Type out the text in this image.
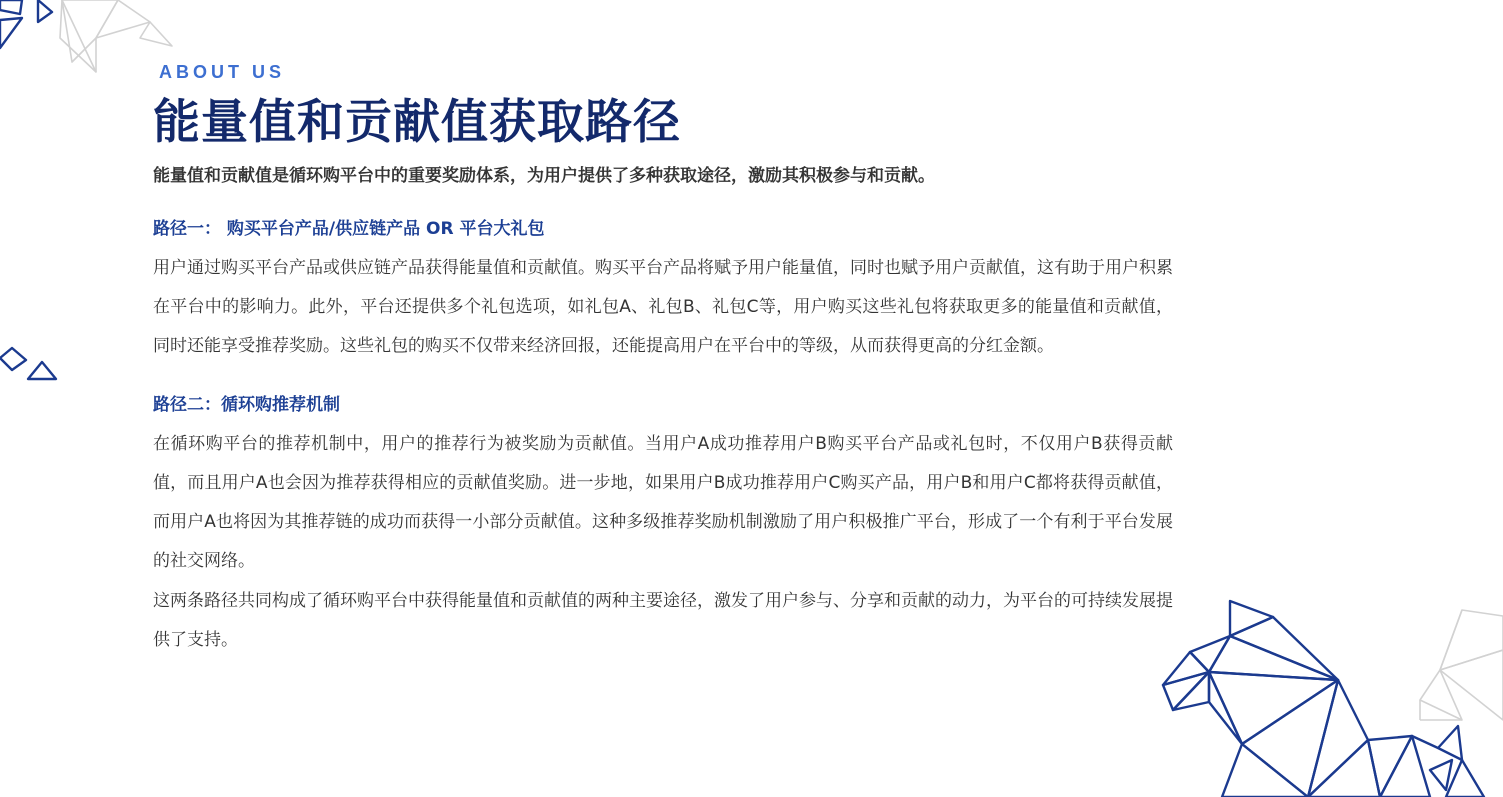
ABOUT US
能量值和贡献值获取路径

能量值和贡献值是循环购平台中的重要奖励体系，为用户提供了多种获取途径，激励其积极参与和贡献。

路径一： 购买平台产品/供应链产品 OR 平台大礼包

用户通过购买平台产品或供应链产品获得能量值和贡献值。购买平台产品将赋予用户能量值，同时也赋予用户贡献值，这有助于用户积累在平台中的影响力。此外，平台还提供多个礼包选项，如礼包A、礼包B、礼包C等，用户购买这些礼包将获取更多的能量值和贡献值，同时还能享受推荐奖励。这些礼包的购买不仅带来经济回报，还能提高用户在平台中的等级，从而获得更高的分红金额。

路径二：循环购推荐机制

在循环购平台的推荐机制中，用户的推荐行为被奖励为贡献值。当用户A成功推荐用户B购买平台产品或礼包时，不仅用户B获得贡献值，而且用户A也会因为推荐获得相应的贡献值奖励。进一步地，如果用户B成功推荐用户C购买产品，用户B和用户C都将获得贡献值，而用户A也将因为其推荐链的成功而获得一小部分贡献值。这种多级推荐奖励机制激励了用户积极推广平台，形成了一个有利于平台发展的社交网络。

这两条路径共同构成了循环购平台中获得能量值和贡献值的两种主要途径，激发了用户参与、分享和贡献的动力，为平台的可持续发展提供了支持。
